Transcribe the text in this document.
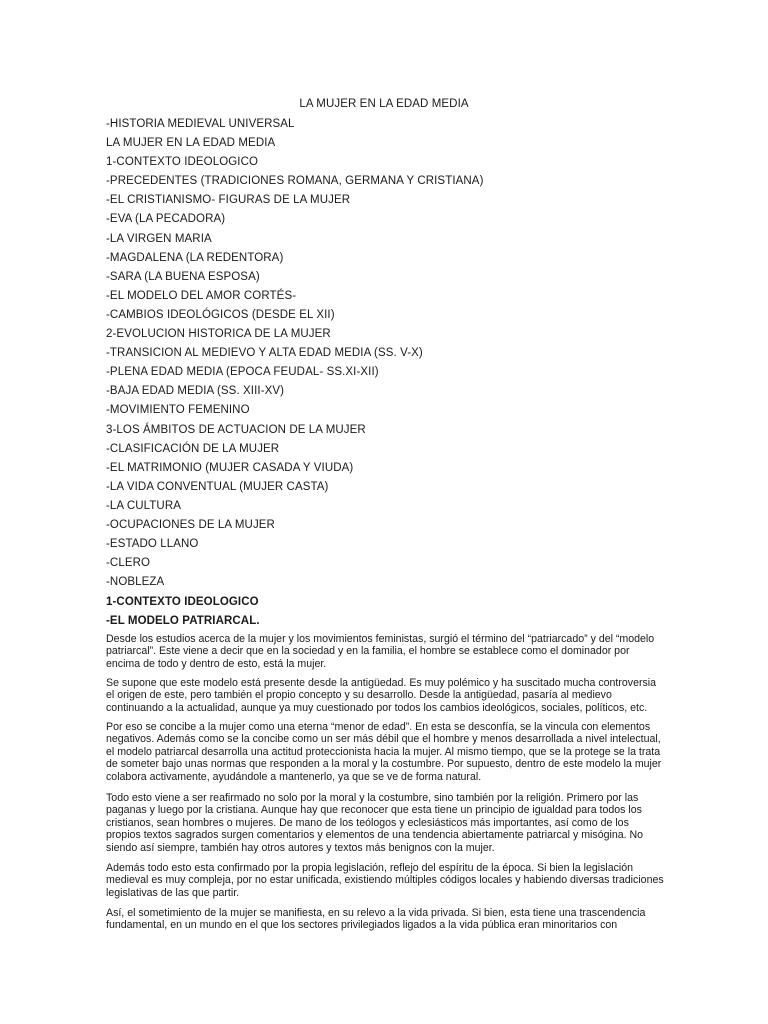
LA MUJER EN LA EDAD MEDIA
-HISTORIA MEDIEVAL UNIVERSAL
LA MUJER EN LA EDAD MEDIA
1-CONTEXTO IDEOLOGICO
-PRECEDENTES (TRADICIONES ROMANA, GERMANA Y CRISTIANA)
-EL CRISTIANISMO- FIGURAS DE LA MUJER
-EVA (LA PECADORA)
-LA VIRGEN MARIA
-MAGDALENA (LA REDENTORA)
-SARA (LA BUENA ESPOSA)
-EL MODELO DEL AMOR CORTÉS-
-CAMBIOS IDEOLÓGICOS (DESDE EL XII)
2-EVOLUCION HISTORICA DE LA MUJER
-TRANSICION AL MEDIEVO Y ALTA EDAD MEDIA (SS. V-X)
-PLENA EDAD MEDIA (EPOCA FEUDAL- SS.XI-XII)
-BAJA EDAD MEDIA (SS. XIII-XV)
-MOVIMIENTO FEMENINO
3-LOS ÁMBITOS DE ACTUACION DE LA MUJER
-CLASIFICACIÓN DE LA MUJER
-EL MATRIMONIO (MUJER CASADA Y VIUDA)
-LA VIDA CONVENTUAL (MUJER CASTA)
-LA CULTURA
-OCUPACIONES DE LA MUJER
-ESTADO LLANO
-CLERO
-NOBLEZA
1-CONTEXTO IDEOLOGICO
-EL MODELO PATRIARCAL.

Desde los estudios acerca de la mujer y los movimientos feministas, surgió el término del “patriarcado” y del “modelo patriarcal”. Este viene a decir que en la sociedad y en la familia, el hombre se establece como el dominador por encima de todo y dentro de esto, está la mujer.

Se supone que este modelo está presente desde la antigüedad. Es muy polémico y ha suscitado mucha controversia el origen de este, pero también el propio concepto y su desarrollo. Desde la antigüedad, pasaría al medievo continuando a la actualidad, aunque ya muy cuestionado por todos los cambios ideológicos, sociales, políticos, etc.

Por eso se concibe a la mujer como una eterna “menor de edad”. En esta se desconfía, se la vincula con elementos negativos. Además como se la concibe como un ser más débil que el hombre y menos desarrollada a nivel intelectual, el modelo patriarcal desarrolla una actitud proteccionista hacia la mujer. Al mismo tiempo, que se la protege se la trata de someter bajo unas normas que responden a la moral y la costumbre. Por supuesto, dentro de este modelo la mujer colabora activamente, ayudándole a mantenerlo, ya que se ve de forma natural.

Todo esto viene a ser reafirmado no solo por la moral y la costumbre, sino también por la religión. Primero por las paganas y luego por la cristiana. Aunque hay que reconocer que esta tiene un principio de igualdad para todos los cristianos, sean hombres o mujeres. De mano de los teólogos y eclesiásticos más importantes, así como de los propios textos sagrados surgen comentarios y elementos de una tendencia abiertamente patriarcal y misógina. No siendo así siempre, también hay otros autores y textos más benignos con la mujer.

Además todo esto esta confirmado por la propia legislación, reflejo del espíritu de la época. Si bien la legislación medieval es muy compleja, por no estar unificada, existiendo múltiples códigos locales y habiendo diversas tradiciones legislativas de las que partir.

Así, el sometimiento de la mujer se manifiesta, en su relevo a la vida privada. Si bien, esta tiene una trascendencia fundamental, en un mundo en el que los sectores privilegiados ligados a la vida pública eran minoritarios con
